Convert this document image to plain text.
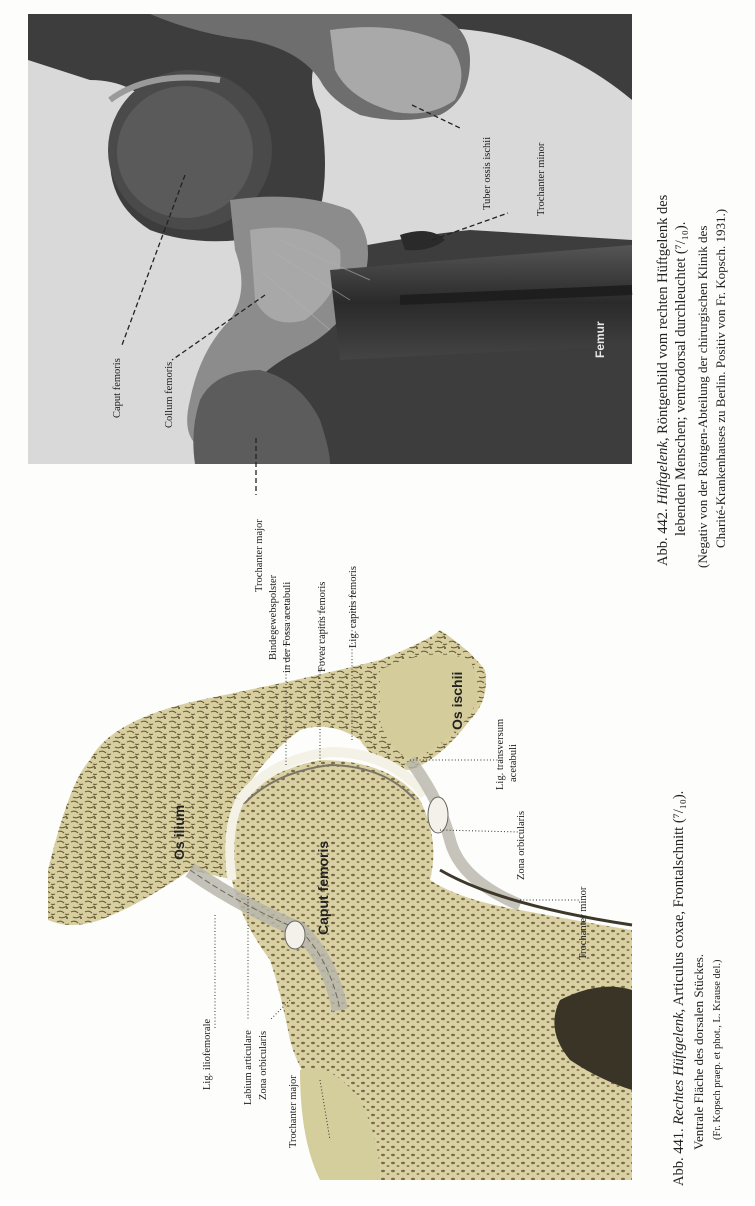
Caput femoris	Collum femoris
Tuber ossis ischii	Trochanter minor
Trochanter major
Femur
Abb. 442. Hüftgelenk, Röntgenbild vom rechten Hüftgelenk des lebenden Menschen; ventrodorsal durchleuchtet (⁷/₁₀). (Negativ von der Röntgen-Abteilung der chirurgischen Klinik des Charité-Krankenhauses zu Berlin. Positiv von Fr. Kopsch. 1931.)
Os ilium
Os ischii
Caput femoris
Bindegewebspolster in der Fossa acetabuli Fovea capitis femoris Lig. capitis femoris
Lig. transversum acetabuli
Zona orbicularis
Trochanter minor
Lig. iliofemorale	Labium articulare Zona orbicularis
Trochanter major
Abb. 441. Rechtes Hüftgelenk, Articulus coxae, Frontalschnitt (⁷/₁₀).
Ventrale Fläche des dorsalen Stückes. (Fr. Kopsch praep. et phot., L. Krause del.)
